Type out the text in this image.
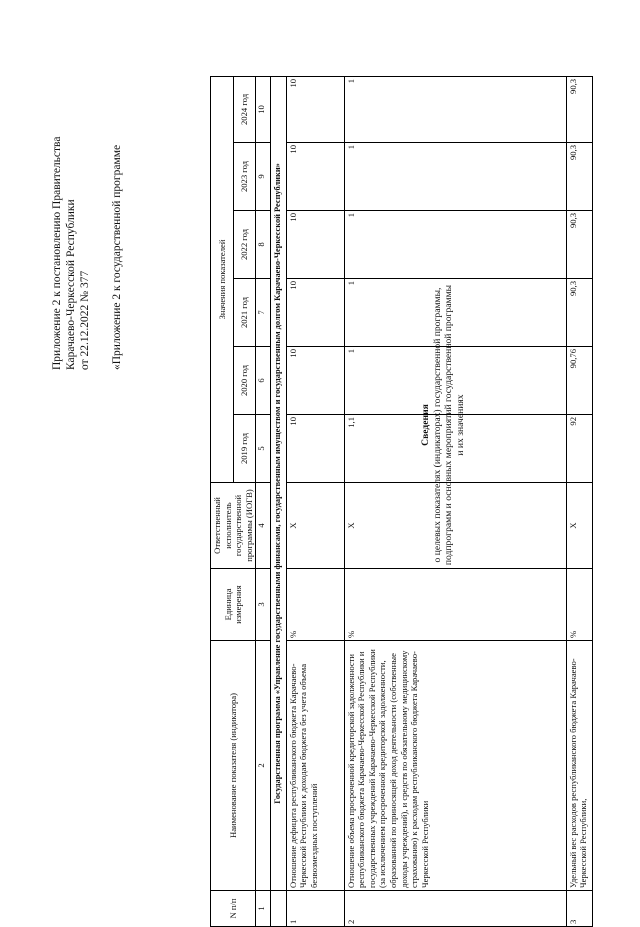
Приложение 2 к постановлению Правительства Карачаево-Черкесской Республики от 22.12.2022 № 377 «Приложение 2 к государственной программе
Сведения о целевых показателях (индикаторах) государственной программы, подпрограмм и основных мероприятий государственной программы и их значениях
N п/п	Наименование показателя (индикатора)	Единица измерения	Ответственный исполнитель государственной программы (ИОГВ)	Значения показателей					
				2019 год	2020 год	2021 год	2022 год	2023 год	2024 год
1	2	3	4	5	6	7	8	9	10
	Государственная программа «Управление государственными финансами, государственным имуществом и государственным долгом Карачаево-Черкесской Республики»								
1	Отношение дефицита республиканского бюджета Карачаево-Черкесской Республики к доходам бюджета без учета объема безвозмездных поступлений	%	X	10	10	10	10	10	10
2	Отношение объема просроченной кредиторской задолженности республиканского бюджета Карачаево-Черкесской Республики и государственных учреждений Карачаево-Черкесской Республики (за исключением просроченной кредиторской задолженности, образованной по приносящей доход деятельности (собственные доходы учреждений), и средств по обязательному медицинскому страхованию) к расходам республиканского бюджета Карачаево-Черкесской Республики	%	X	1,1	1	1	1	1	1
3	Удельный вес расходов республиканского бюджета Карачаево-Черкесской Республики,	%	X	92	90,76	90,3	90,3	90,3	90,3
